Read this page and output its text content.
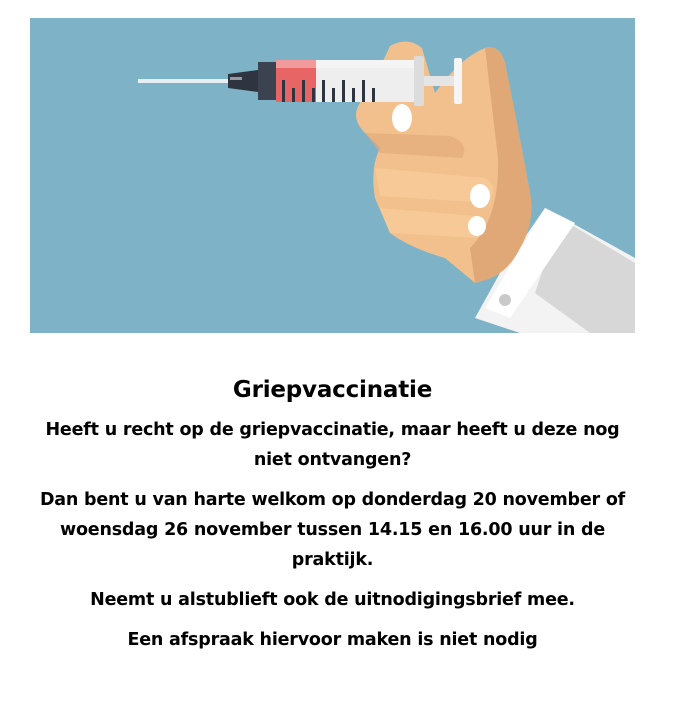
Griepvaccinatie
Heeft u recht op de griepvaccinatie, maar heeft u deze nog niet ontvangen?
Dan bent u van harte welkom op donderdag 20 november of woensdag 26 november tussen 14.15 en 16.00 uur in de praktijk.
Neemt u alstublieft ook de uitnodigingsbrief mee.
Een afspraak hiervoor maken is niet nodig
